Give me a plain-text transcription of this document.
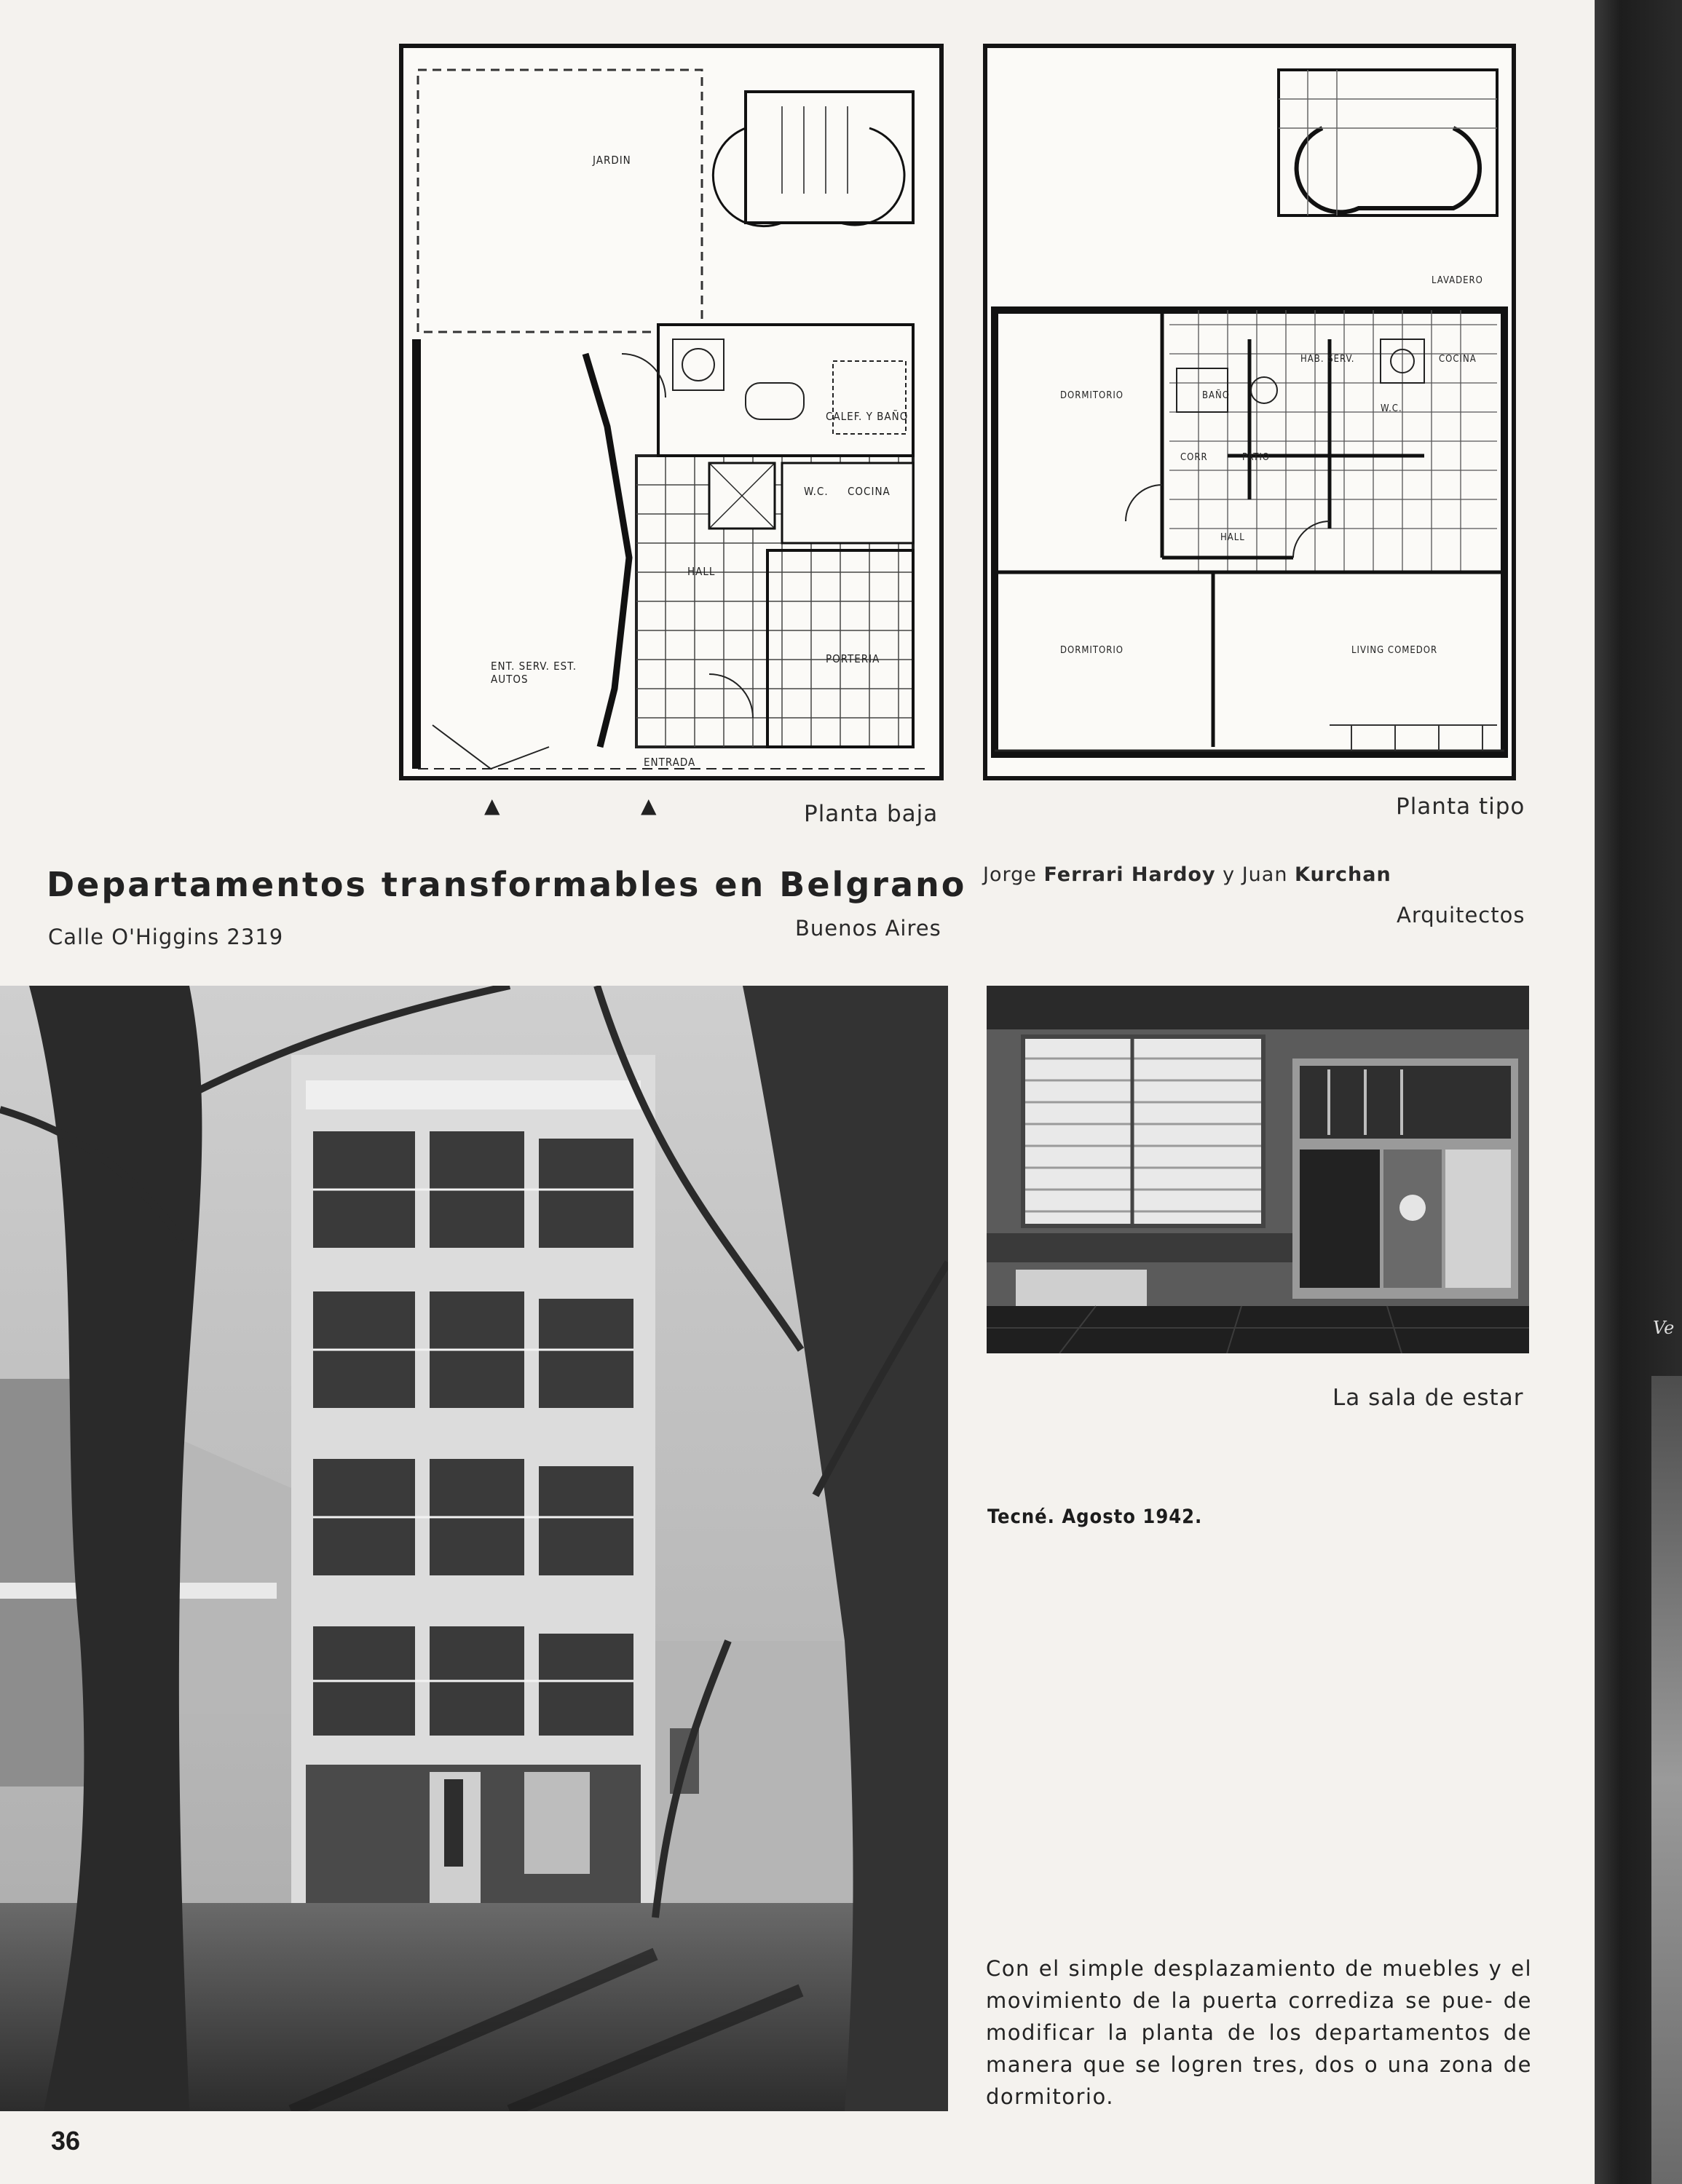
JARDIN
CALEF. Y BAÑO
W.C. COCINA
HALL
PORTERIA
ENT. SERV. EST. AUTOS
ENTRADA
▲	▲
LAVADERO
HAB. SERV.	COCINA
DORMITORIO	BAÑO
W.C.
CORR	PATIO
HALL
DORMITORIO	LIVING COMEDOR
Planta baja	Planta tipo
Departamentos transformables en Belgrano
Calle O'Higgins 2319	Buenos Aires
Jorge Ferrari Hardoy y Juan Kurchan
Arquitectos
La sala de estar
Tecné. Agosto 1942.
Con el simple desplazamiento de muebles y el movimiento de la puerta corrediza se pue- de modificar la planta de los departamentos de manera que se logren tres, dos o una zona de dormitorio.
36
Ve
